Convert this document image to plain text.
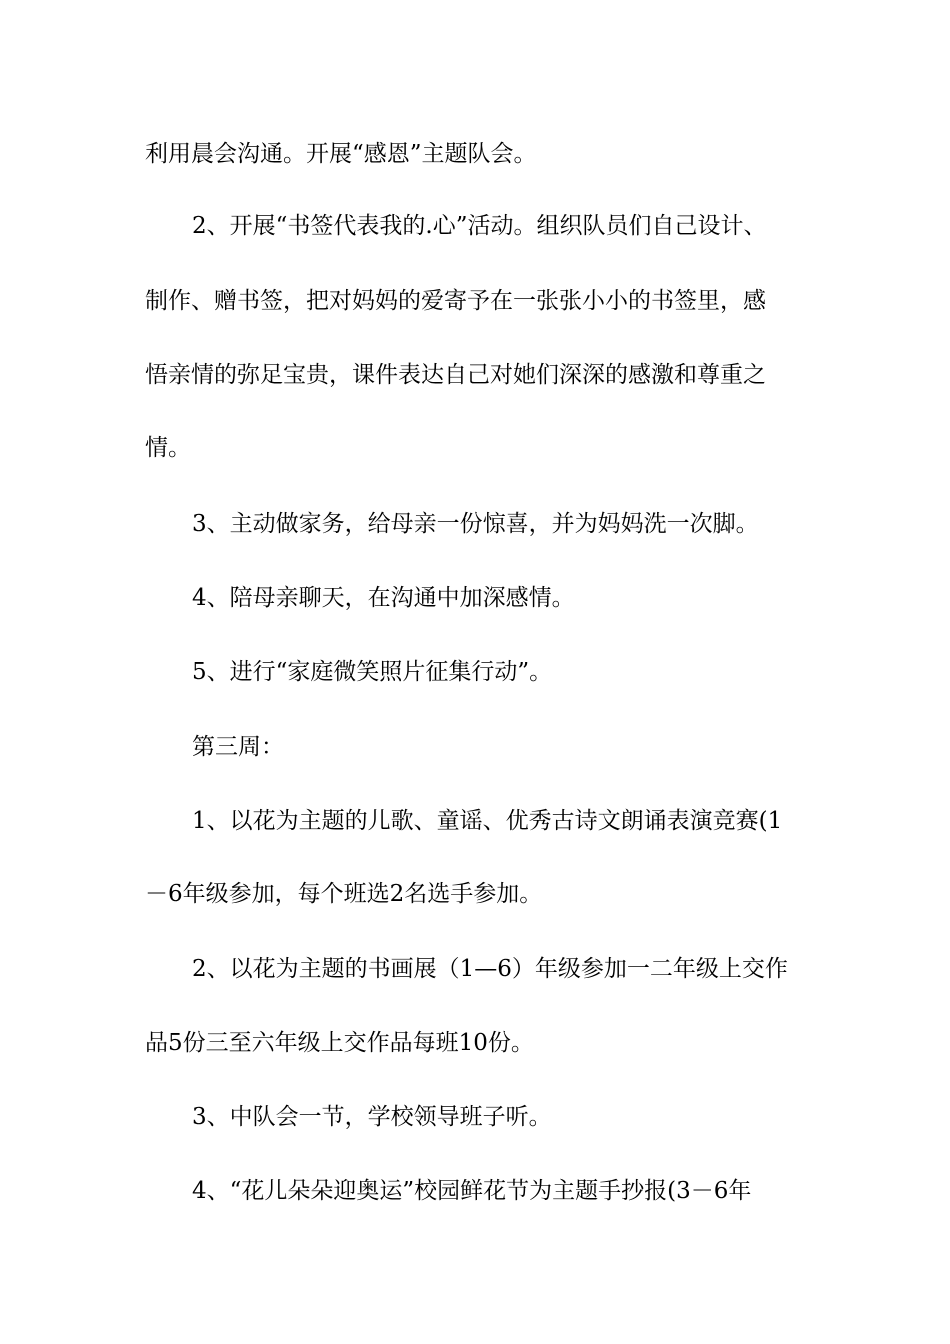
利用晨会沟通。开展“感恩”主题队会。
2、开展“书签代表我的.心”活动。组织队员们自己设计、
制作、赠书签，把对妈妈的爱寄予在一张张小小的书签里，感
悟亲情的弥足宝贵，课件表达自己对她们深深的感激和尊重之
情。
3、主动做家务，给母亲一份惊喜，并为妈妈洗一次脚。
4、陪母亲聊天，在沟通中加深感情。
5、进行“家庭微笑照片征集行动”。
第三周：
1、以花为主题的儿歌、童谣、优秀古诗文朗诵表演竞赛(1
－6年级参加，每个班选2名选手参加。
2、以花为主题的书画展（1—6）年级参加一二年级上交作
品5份三至六年级上交作品每班10份。
3、中队会一节，学校领导班子听。
4、“花儿朵朵迎奥运”校园鲜花节为主题手抄报(3－6年
